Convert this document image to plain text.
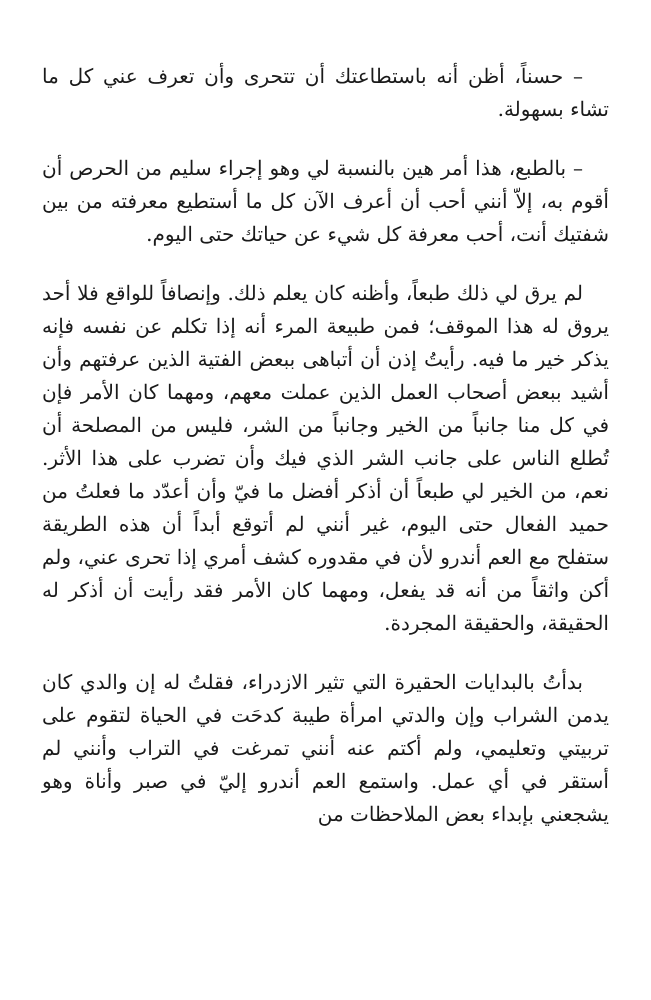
– حسناً، أظن أنه باستطاعتك أن تتحرى وأن تعرف عني كل ما تشاء بسهولة.

– بالطبع، هذا أمر هين بالنسبة لي وهو إجراء سليم من الحرص أن أقوم به، إلاّ أنني أحب أن أعرف الآن كل ما أستطيع معرفته من بين شفتيك أنت، أحب معرفة كل شيء عن حياتك حتى اليوم.

لم يرق لي ذلك طبعاً، وأظنه كان يعلم ذلك. وإنصافاً للواقع فلا أحد يروق له هذا الموقف؛ فمن طبيعة المرء أنه إذا تكلم عن نفسه فإنه يذكر خير ما فيه. رأيتُ إذن أن أتباهى ببعض الفتية الذين عرفتهم وأن أشيد ببعض أصحاب العمل الذين عملت معهم، ومهما كان الأمر فإن في كل منا جانباً من الخير وجانباً من الشر، فليس من المصلحة أن تُطلع الناس على جانب الشر الذي فيك وأن تضرب على هذا الأثر. نعم، من الخير لي طبعاً أن أذكر أفضل ما فيّ وأن أعدّد ما فعلتُ من حميد الفعال حتى اليوم، غير أنني لم أتوقع أبداً أن هذه الطريقة ستفلح مع العم أندرو لأن في مقدوره كشف أمري إذا تحرى عني، ولم أكن واثقاً من أنه قد يفعل، ومهما كان الأمر فقد رأيت أن أذكر له الحقيقة، والحقيقة المجردة.

بدأتُ بالبدايات الحقيرة التي تثير الازدراء، فقلتُ له إن والدي كان يدمن الشراب وإن والدتي امرأة طيبة كدحَت في الحياة لتقوم على تربيتي وتعليمي، ولم أكتم عنه أنني تمرغت في التراب وأنني لم أستقر في أي عمل. واستمع العم أندرو إليّ في صبر وأناة وهو يشجعني بإبداء بعض الملاحظات من
